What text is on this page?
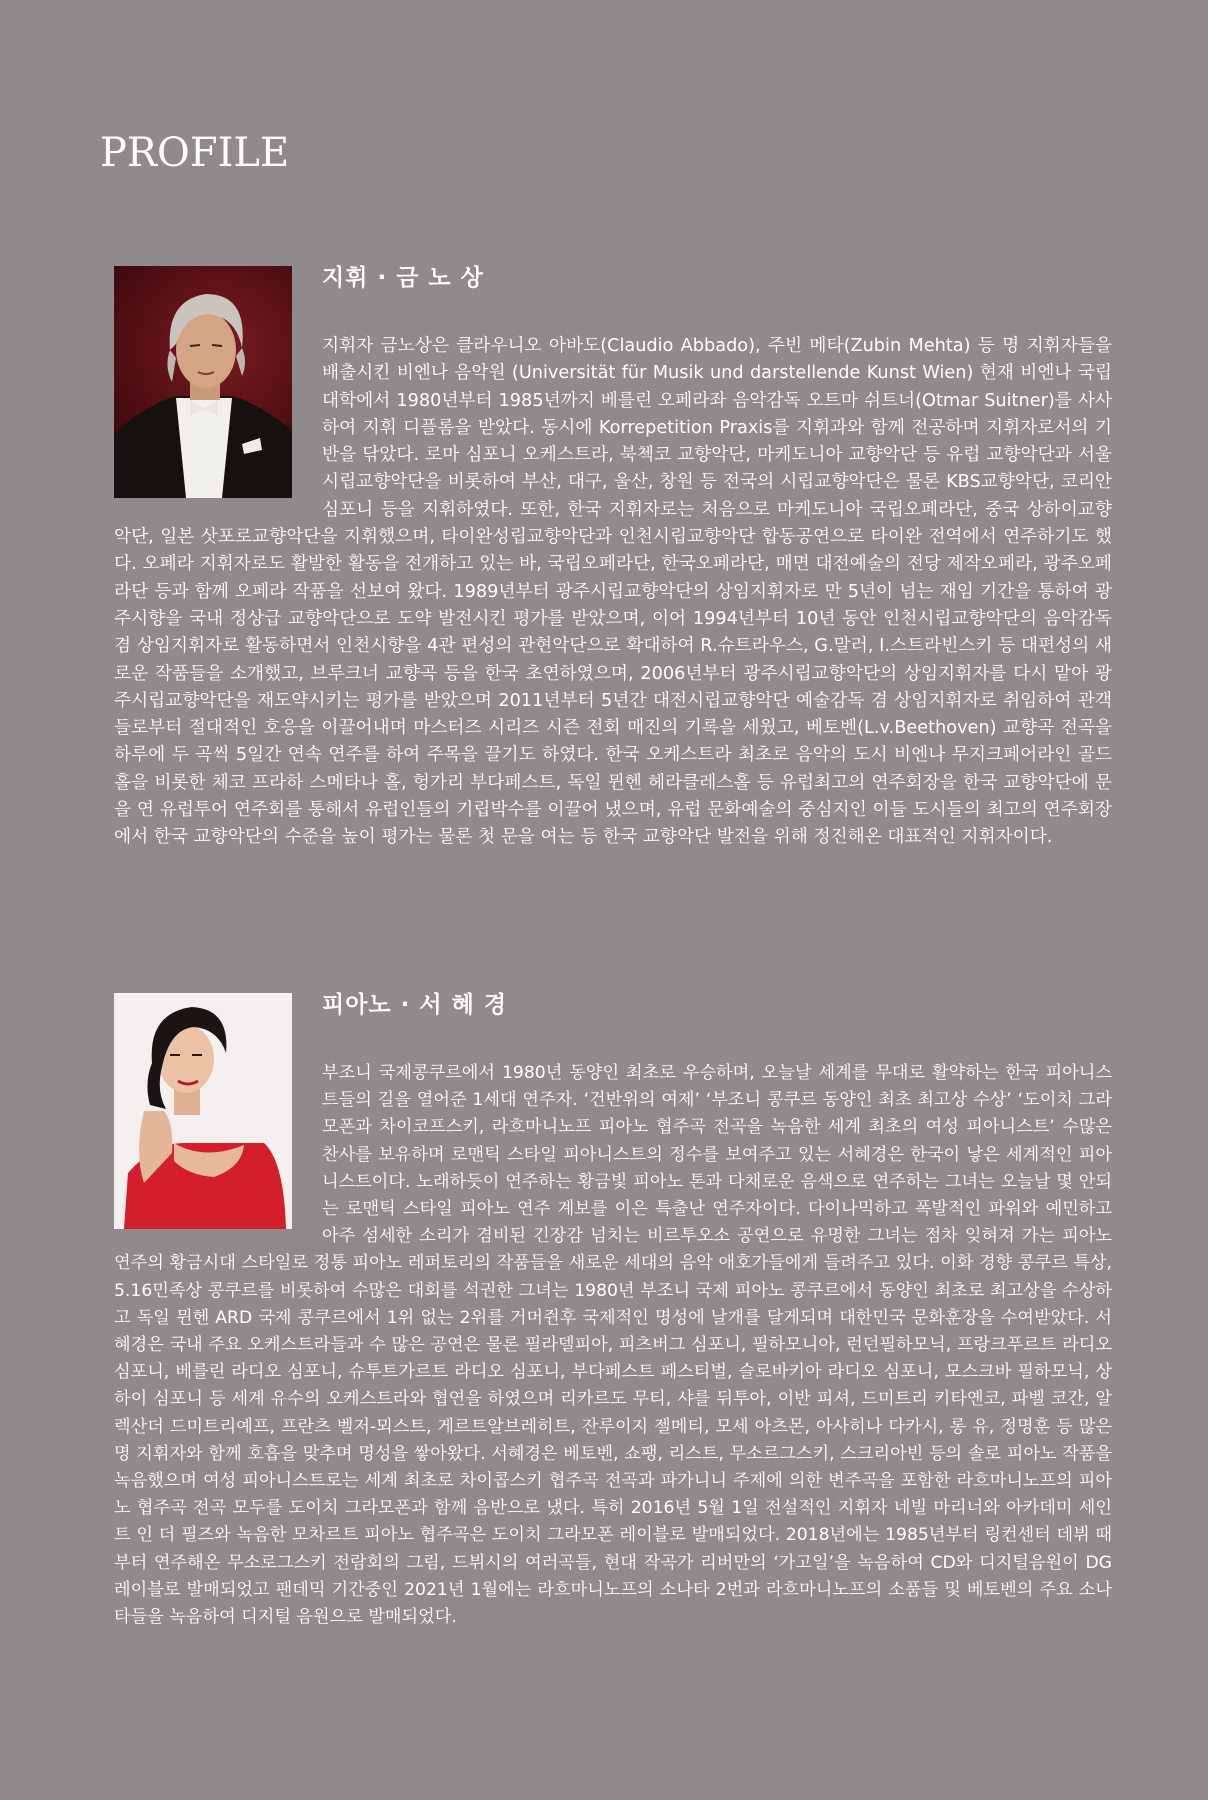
PROFILE
지휘 · 금 노 상

지휘자 금노상은 클라우니오 아바도(Claudio Abbado), 주빈 메타(Zubin Mehta) 등 명 지휘자들을 배출시킨 비엔나 음악원 (Universität für Musik und darstellende Kunst Wien) 현재 비엔나 국립대학에서 1980년부터 1985년까지 베를린 오페라좌 음악감독 오트마 쉬트너(Otmar Suitner)를 사사하여 지휘 디플롬을 받았다. 동시에 Korrepetition Praxis를 지휘과와 함께 전공하며 지휘자로서의 기반을 닦았다. 로마 심포니 오케스트라, 북첵코 교향악단, 마케도니아 교향악단 등 유럽 교향악단과 서울시립교향악단을 비롯하여 부산, 대구, 울산, 창원 등 전국의 시립교향악단은 물론 KBS교향악단, 코리안심포니 등을 지휘하였다. 또한, 한국 지휘자로는 처음으로 마케도니아 국립오페라단, 중국 상하이교향악단, 일본 삿포로교향악단을 지휘했으며, 타이완성립교향악단과 인천시립교향악단 합동공연으로 타이완 전역에서 연주하기도 했다. 오페라 지휘자로도 활발한 활동을 전개하고 있는 바, 국립오페라단, 한국오페라단, 매면 대전예술의 전당 제작오페라, 광주오페라단 등과 함께 오페라 작품을 선보여 왔다. 1989년부터 광주시립교향악단의 상임지휘자로 만 5년이 넘는 재임 기간을 통하여 광주시향을 국내 정상급 교향악단으로 도약 발전시킨 평가를 받았으며, 이어 1994년부터 10년 동안 인천시립교향악단의 음악감독 겸 상임지휘자로 활동하면서 인천시향을 4관 편성의 관현악단으로 확대하여 R.슈트라우스, G.말러, I.스트라빈스키 등 대편성의 새로운 작품들을 소개했고, 브루크너 교향곡 등을 한국 초연하였으며, 2006년부터 광주시립교향악단의 상임지휘자를 다시 맡아 광주시립교향악단을 재도약시키는 평가를 받았으며 2011년부터 5년간 대전시립교향악단 예술감독 겸 상임지휘자로 취임하여 관객들로부터 절대적인 호응을 이끌어내며 마스터즈 시리즈 시즌 전회 매진의 기록을 세웠고, 베토벤(L.v.Beethoven) 교향곡 전곡을 하루에 두 곡씩 5일간 연속 연주를 하여 주목을 끌기도 하였다. 한국 오케스트라 최초로 음악의 도시 비엔나 무지크페어라인 골드홀을 비롯한 체코 프라하 스메타나 홀, 헝가리 부다페스트, 독일 뮌헨 헤라클레스홀 등 유럽최고의 연주회장을 한국 교향악단에 문을 연 유럽투어 연주회를 통해서 유럽인들의 기립박수를 이끌어 냈으며, 유럽 문화예술의 중심지인 이들 도시들의 최고의 연주회장에서 한국 교향악단의 수준을 높이 평가는 물론 첫 문을 여는 등 한국 교향악단 발전을 위해 정진해온 대표적인 지휘자이다.

피아노 · 서 혜 경

부조니 국제콩쿠르에서 1980년 동양인 최초로 우승하며, 오늘날 세계를 무대로 활약하는 한국 피아니스트들의 길을 열어준 1세대 연주자. ‘건반위의 여제’ ‘부조니 콩쿠르 동양인 최초 최고상 수상’ ‘도이치 그라모폰과 차이코프스키, 라흐마니노프 피아노 협주곡 전곡을 녹음한 세계 최초의 여성 피아니스트’ 수많은 찬사를 보유하며 로맨틱 스타일 피아니스트의 정수를 보여주고 있는 서혜경은 한국이 낳은 세계적인 피아니스트이다. 노래하듯이 연주하는 황금빛 피아노 톤과 다채로운 음색으로 연주하는 그녀는 오늘날 몇 안되는 로맨틱 스타일 피아노 연주 계보를 이은 특출난 연주자이다. 다이나믹하고 폭발적인 파워와 예민하고 아주 섬세한 소리가 겸비된 긴장감 넘치는 비르투오소 공연으로 유명한 그녀는 점차 잊혀져 가는 피아노 연주의 황금시대 스타일로 정통 피아노 레퍼토리의 작품들을 새로운 세대의 음악 애호가들에게 들려주고 있다. 이화 경향 콩쿠르 특상, 5.16민족상 콩쿠르를 비롯하여 수많은 대회를 석권한 그녀는 1980년 부조니 국제 피아노 콩쿠르에서 동양인 최초로 최고상을 수상하고 독일 뮌헨 ARD 국제 콩쿠르에서 1위 없는 2위를 거머쥔후 국제적인 명성에 날개를 달게되며 대한민국 문화훈장을 수여받았다. 서혜경은 국내 주요 오케스트라들과 수 많은 공연은 물론 필라델피아, 피츠버그 심포니, 필하모니아, 런던필하모닉, 프랑크푸르트 라디오 심포니, 베를린 라디오 심포니, 슈투트가르트 라디오 심포니, 부다페스트 페스티벌, 슬로바키아 라디오 심포니, 모스크바 필하모닉, 상하이 심포니 등 세계 유수의 오케스트라와 협연을 하였으며 리카르도 무티, 샤를 뒤투아, 이반 피셔, 드미트리 키타옌코, 파벨 코간, 알렉산더 드미트리예프, 프란츠 벨저-뫼스트, 게르트알브레히트, 잔루이지 젤메티, 모세 아츠몬, 아사히나 다카시, 롱 유, 정명훈 등 많은 명 지휘자와 함께 호흡을 맞추며 명성을 쌓아왔다. 서혜경은 베토벤, 쇼팽, 리스트, 무소르그스키, 스크리아빈 등의 솔로 피아노 작품을 녹음했으며 여성 피아니스트로는 세계 최초로 차이콥스키 협주곡 전곡과 파가니니 주제에 의한 변주곡을 포함한 라흐마니노프의 피아노 협주곡 전곡 모두를 도이치 그라모폰과 함께 음반으로 냈다. 특히 2016년 5월 1일 전설적인 지휘자 네빌 마리너와 아카데미 세인트 인 더 필즈와 녹음한 모차르트 피아노 협주곡은 도이치 그라모폰 레이블로 발매되었다. 2018년에는 1985년부터 링컨센터 데뷔 때부터 연주해온 무소로그스키 전람회의 그림, 드뷔시의 여러곡들, 현대 작곡가 리버만의 ‘가고일’을 녹음하여 CD와 디지털음원이 DG 레이블로 발매되었고 팬데믹 기간중인 2021년 1월에는 라흐마니노프의 소나타 2번과 라흐마니노프의 소품들 및 베토벤의 주요 소나타들을 녹음하여 디지털 음원으로 발매되었다.
